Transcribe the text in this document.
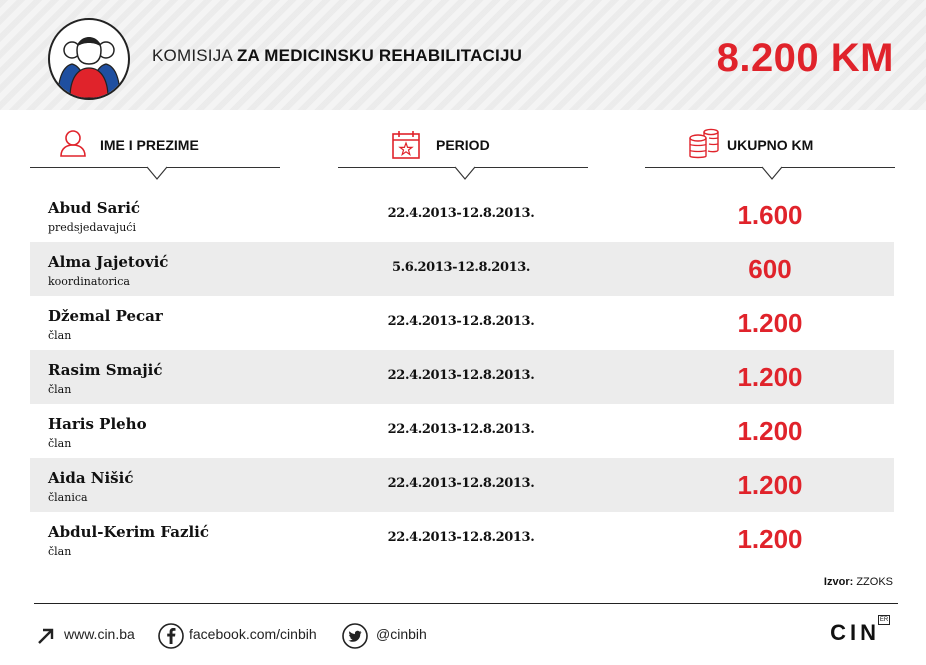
KOMISIJA ZA MEDICINSKU REHABILITACIJU	8.200 KM
IME I PREZIME	PERIOD	UKUPNO KM
Abud Sarić
predsjedavajući
22.4.2013-12.8.2013.	1.600
Alma Jajetović
koordinatorica
5.6.2013-12.8.2013.	600
Džemal Pecar
član
22.4.2013-12.8.2013.	1.200
Rasim Smajić
član
22.4.2013-12.8.2013.	1.200
Haris Pleho
član
22.4.2013-12.8.2013.	1.200
Aida Nišić
članica
22.4.2013-12.8.2013.	1.200
Abdul-Kerim Fazlić
član
22.4.2013-12.8.2013.	1.200
Izvor: ZZOKS
www.cin.ba	facebook.com/cinbih	@cinbih	CIN ER
